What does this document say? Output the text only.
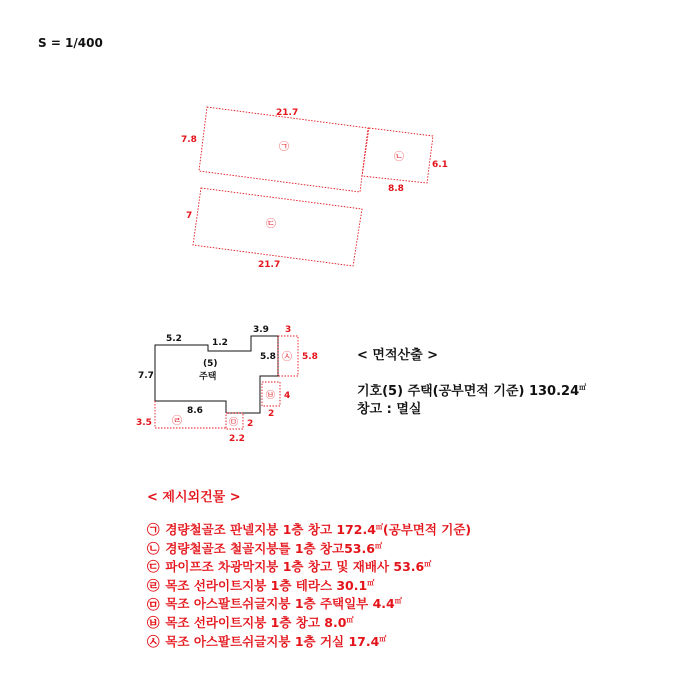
S = 1/400
㉠
21.7
7.8
㉡
6.1
8.8
㉢
7
21.7
(5)
주택
5.2	1.2
3.9
5.8
7.7
8.6
㉣
3.5	㉤ 2
2.2
㉥ 4
2
㉦
3
5.8	< 면적산출 >
기호(5) 주택(공부면적 기준) 130.24㎡
창고 : 멸실
< 제시외건물 >
㉠ 경량철골조 판넬지붕 1층 창고 172.4㎡(공부면적 기준)
㉡ 경량철골조 철골지붕틀 1층 창고53.6㎡
㉢ 파이프조 차광막지붕 1층 창고 및 재배사 53.6㎡
㉣ 목조 선라이트지붕 1층 테라스 30.1㎡
㉤ 목조 아스팔트쉬글지붕 1층 주택일부 4.4㎡
㉥ 목조 선라이트지붕 1층 창고 8.0㎡
㉦ 목조 아스팔트쉬글지붕 1층 거실 17.4㎡
